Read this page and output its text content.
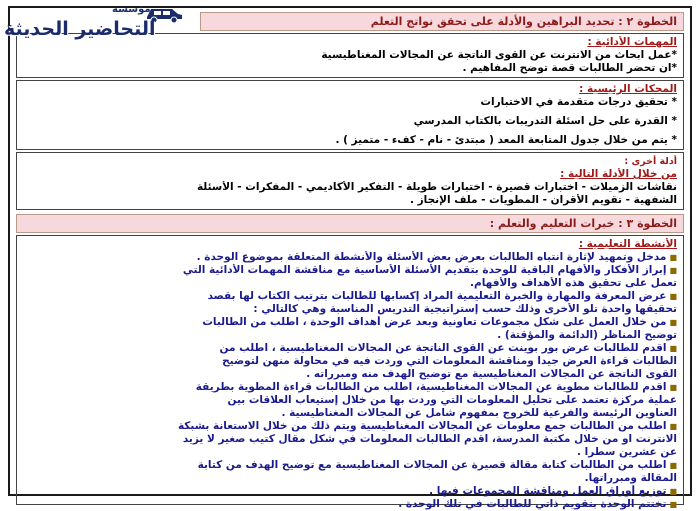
الخطوة ٢ : تحديد البراهين والأدلة على تحقق نواتج التعلم
المهمات الأدائية :
*عمل ابحاث من الانترنت عن القوى الناتجة عن المجالات المغناطيسية
*ان تحضر الطالبات قصة توضح المفاهيم .
المحكات الرئيسية :
* تحقيق درجات متقدمة في الاختبارات
* القدرة على حل اسئلة التدريبات بالكتاب المدرسي
* يتم من خلال جدول المتابعة المعد ( مبتدئ - نام - كفء - متميز ) .
أدلة أخرى :
من خلال الأدلة التالية :
نقاشات الزميلات - اختبارات قصيرة - اختبارات طويلة - التفكير الأكاديمي - المفكرات - الأسئلة
الشفهية - تقويم الأقران - المطويات - ملف الإنجاز .
الخطوة ٣ : خبرات التعليم والتعلم :
الأنشطة التعليمية :
■ مدخل وتمهيد لإثارة انتباه الطالبات بعرض بعض الأسئلة والأنشطة المتعلقة بموضوع الوحدة .
■ إبراز الأفكار والأفهام الباقية للوحدة بتقديم الأسئلة الأساسية مع مناقشة المهمات الأدائية التي
تعمل على تحقيق هذه الأهداف والأفهام.
■ عرض المعرفة والمهارة والخبرة التعليمية المراد إكسابها للطالبات بترتيب الكتاب لها بقصد
تحقيقها واحدة تلو الأخرى وذلك حسب إستراتيجية التدريس المناسبة وهي كالتالي :
■ من خلال العمل على شكل مجموعات تعاونية وبعد عرض أهداف الوحدة ، اطلب من الطالبات
توضيح المناظر (الدائمة والمؤقتة) .
■ اقدم للطالبات عرض بور بوينت عن القوى الناتجة عن المجالات المغناطيسية ، اطلب من
الطالبات قراءة العرض جيدا ومناقشة المعلومات التي وردت فيه في محاولة منهن لتوضيح
القوى الناتجة عن المجالات المغناطيسية مع توضيح الهدف منه ومبرراته .
■ اقدم للطالبات مطوية عن المجالات المغناطيسية، اطلب من الطالبات قراءة المطوية بطريقة
عملية مركزة تعتمد على تحليل المعلومات التي وردت بها من خلال إستيعاب العلاقات بين
العناوين الرئيسة والفرعية للخروج بمفهوم شامل عن المجالات المغناطيسية .
■ اطلب من الطالبات جمع معلومات عن المجالات المغناطيسية ويتم ذلك من خلال الاستعانة بشبكة
الانترنت او من خلال مكتبة المدرسة، اقدم الطالبات المعلومات في شكل مقال كتيب صغير لا يزيد
عن عشرين سطرا .
■ اطلب من الطالبات كتابة مقالة قصيرة عن المجالات المغناطيسية مع توضيح الهدف من كتابة
المقالة ومبرراتها.
■ توزيع أوراق العمل ومناقشة المجموعات فيها .
■ تختتم الوحدة بتقويم ذاتي للطالبات في تلك الوحدة .
مؤسسة
التحاضير الحديثة
